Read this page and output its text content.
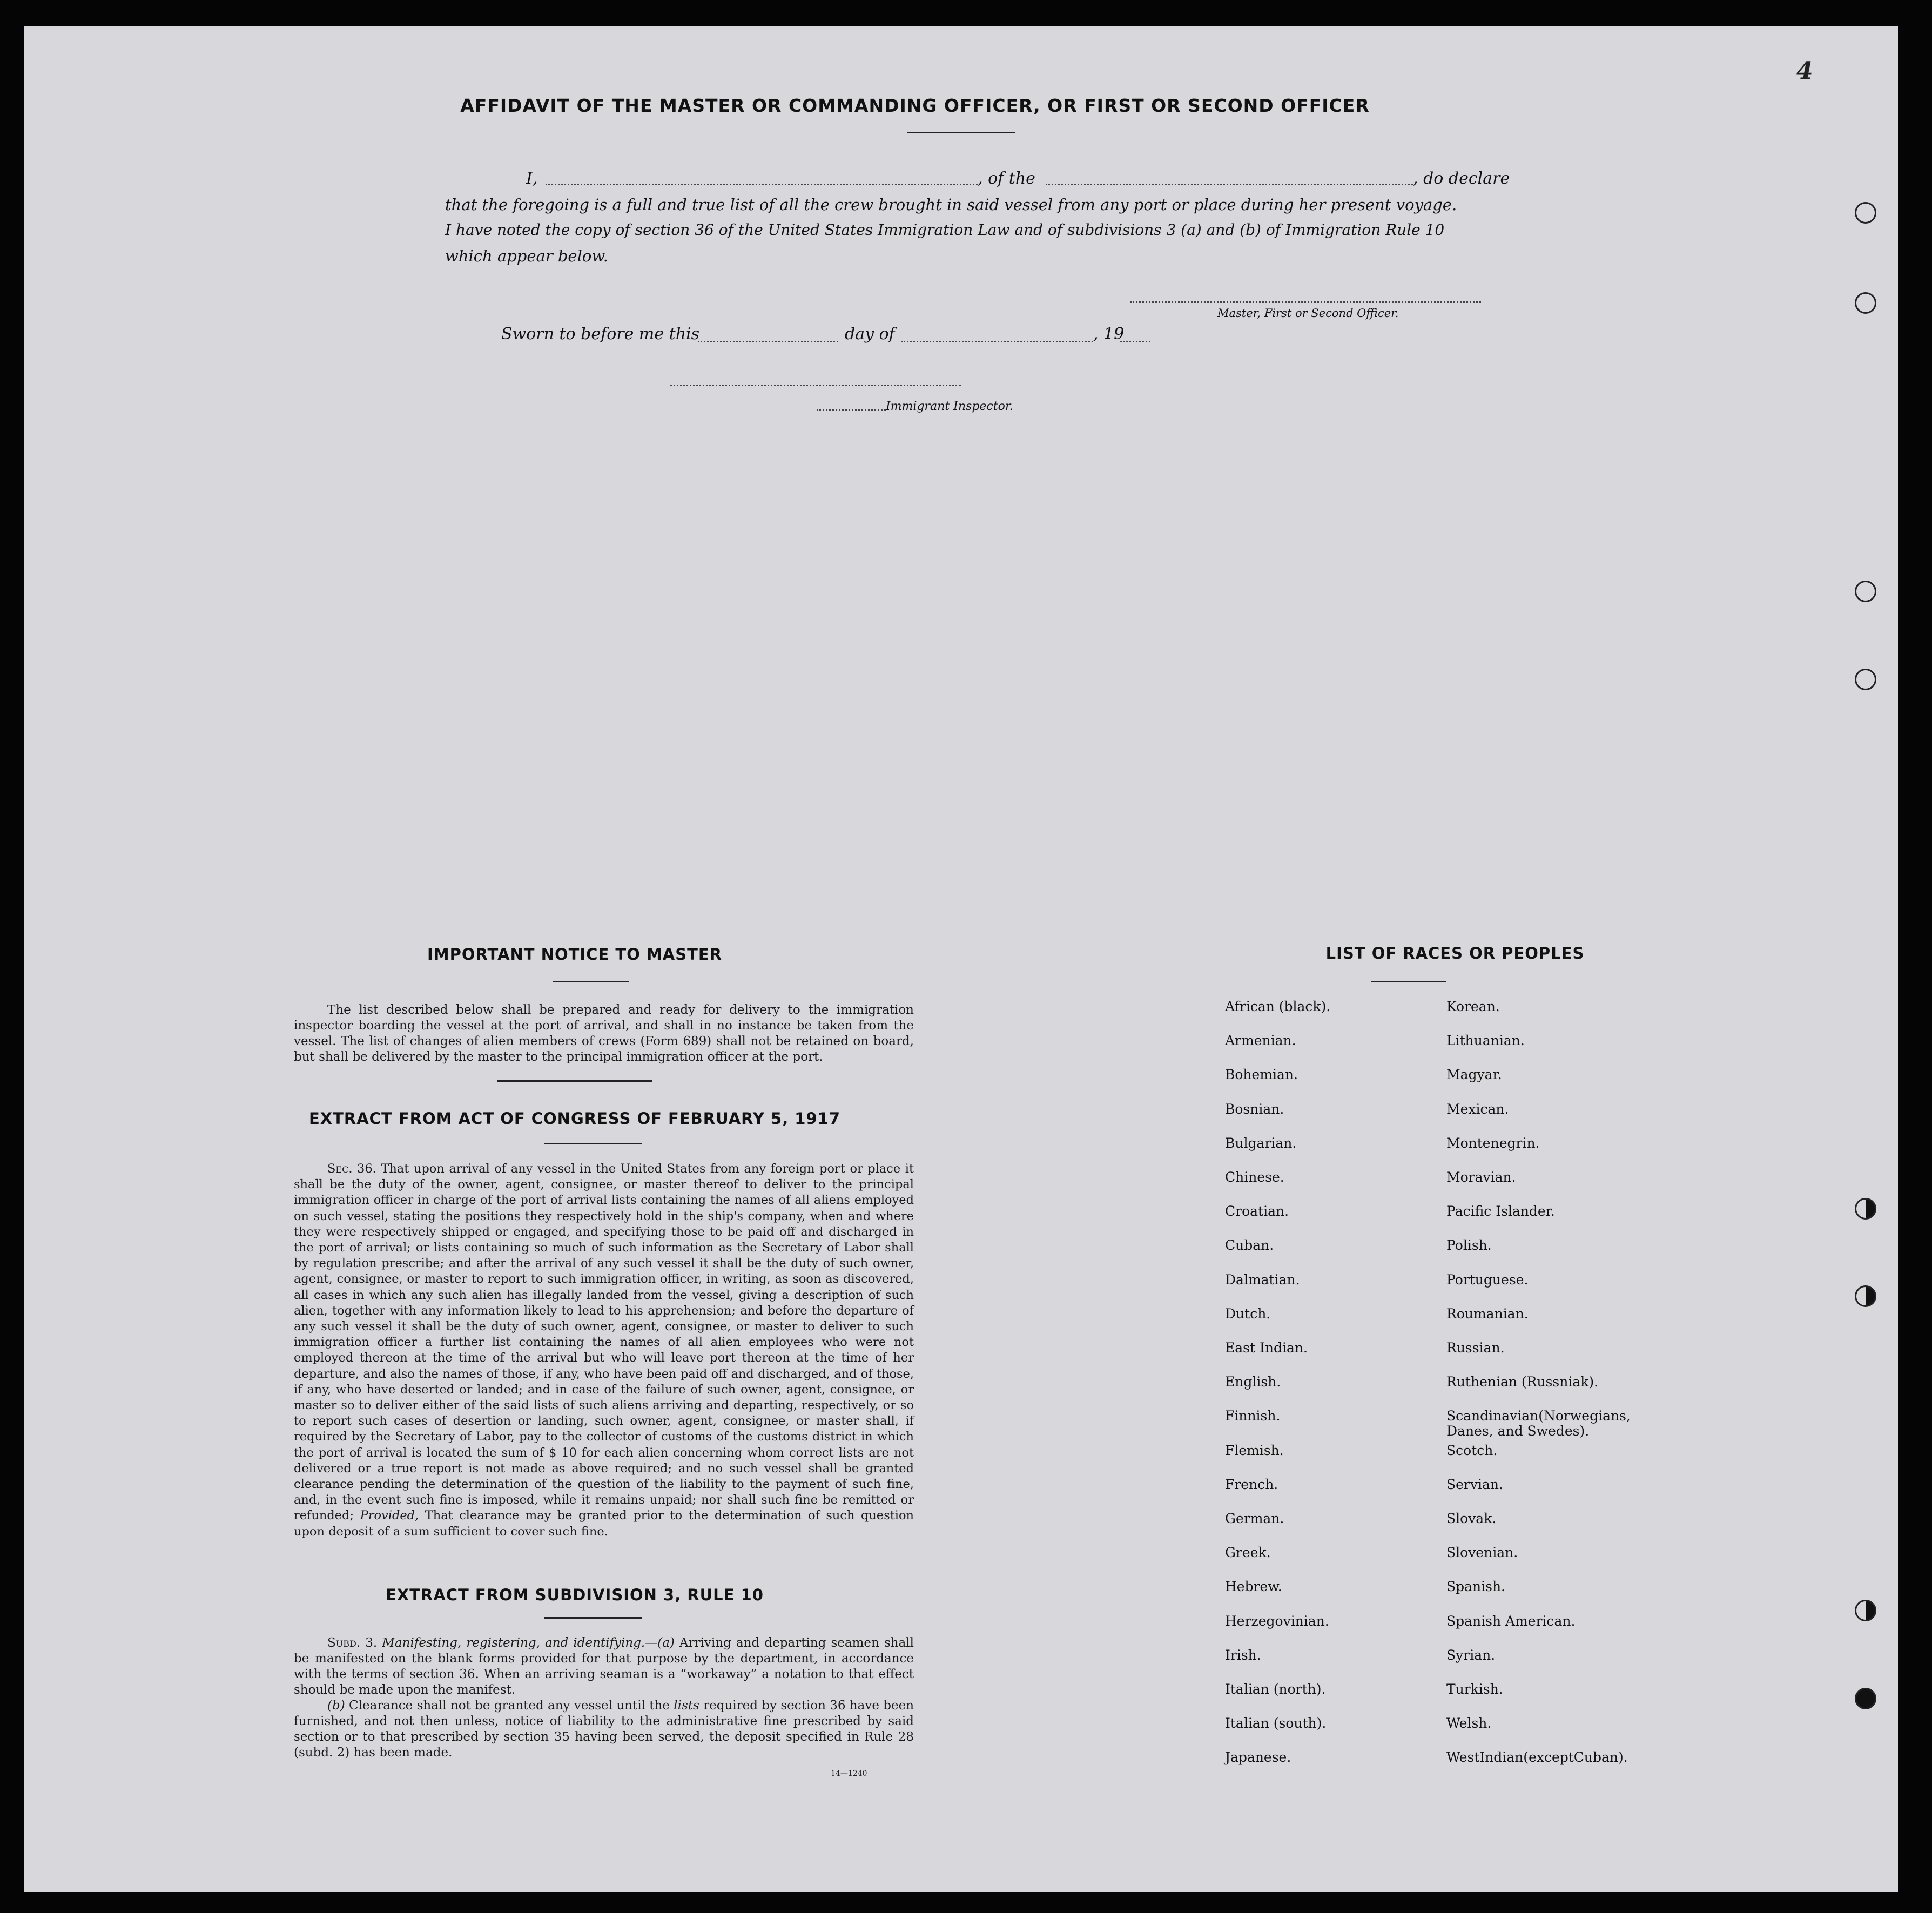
4
AFFIDAVIT OF THE MASTER OR COMMANDING OFFICER, OR FIRST OR SECOND OFFICER
I,	, of the	, do declare
that the foregoing is a full and true list of all the crew brought in said vessel from any port or place during her present voyage.
I have noted the copy of section 36 of the United States Immigration Law and of subdivisions 3 (a) and (b) of Immigration Rule 10
which appear below.
Master, First or Second Officer.
Sworn to before me this	day of	, 19
Immigrant Inspector.
IMPORTANT NOTICE TO MASTER
The list described below shall be prepared and ready for delivery to the immigration inspector boarding the vessel at the port of arrival, and shall in no instance be taken from the vessel. The list of changes of alien members of crews (Form 689) shall not be retained on board, but shall be delivered by the master to the principal immigration officer at the port.
EXTRACT FROM ACT OF CONGRESS OF FEBRUARY 5, 1917
Sec. 36. That upon arrival of any vessel in the United States from any foreign port or place it shall be the duty of the owner, agent, consignee, or master thereof to deliver to the principal immigration officer in charge of the port of arrival lists containing the names of all aliens employed on such vessel, stating the positions they respectively hold in the ship's company, when and where they were respectively shipped or engaged, and specifying those to be paid off and discharged in the port of arrival; or lists containing so much of such information as the Secretary of Labor shall by regulation prescribe; and after the arrival of any such vessel it shall be the duty of such owner, agent, consignee, or master to report to such immigration officer, in writing, as soon as discovered, all cases in which any such alien has illegally landed from the vessel, giving a description of such alien, together with any information likely to lead to his apprehension; and before the departure of any such vessel it shall be the duty of such owner, agent, consignee, or master to deliver to such immigration officer a further list containing the names of all alien employees who were not employed thereon at the time of the arrival but who will leave port thereon at the time of her departure, and also the names of those, if any, who have been paid off and discharged, and of those, if any, who have deserted or landed; and in case of the failure of such owner, agent, consignee, or master so to deliver either of the said lists of such aliens arriving and departing, respectively, or so to report such cases of desertion or landing, such owner, agent, consignee, or master shall, if required by the Secretary of Labor, pay to the collector of customs of the customs district in which the port of arrival is located the sum of $ 10 for each alien concerning whom correct lists are not delivered or a true report is not made as above required; and no such vessel shall be granted clearance pending the determination of the question of the liability to the payment of such fine, and, in the event such fine is imposed, while it remains unpaid; nor shall such fine be remitted or refunded; Provided, That clearance may be granted prior to the determination of such question upon deposit of a sum sufficient to cover such fine.
EXTRACT FROM SUBDIVISION 3, RULE 10
Subd. 3. Manifesting, registering, and identifying.—(a) Arriving and departing seamen shall be manifested on the blank forms provided for that purpose by the department, in accordance with the terms of section 36. When an arriving seaman is a “workaway” a notation to that effect should be made upon the manifest.
(b) Clearance shall not be granted any vessel until the lists required by section 36 have been furnished, and not then unless, notice of liability to the administrative fine prescribed by said section or to that prescribed by section 35 having been served, the deposit specified in Rule 28 (subd. 2) has been made.
14—1240
LIST OF RACES OR PEOPLES
African (black).
Armenian.
Bohemian.
Bosnian.
Bulgarian.
Chinese.
Croatian.
Cuban.
Dalmatian.
Dutch.
East Indian.
English.
Finnish.
Flemish.
French.
German.
Greek.
Hebrew.
Herzegovinian.
Irish.
Italian (north).
Italian (south).
Japanese.
Korean.
Lithuanian.
Magyar.
Mexican.
Montenegrin.
Moravian.
Pacific Islander.
Polish.
Portuguese.
Roumanian.
Russian.
Ruthenian (Russniak).
Scandinavian(Norwegians,
Danes, and Swedes).
Scotch.
Servian.
Slovak.
Slovenian.
Spanish.
Spanish American.
Syrian.
Turkish.
Welsh.
WestIndian(exceptCuban).
